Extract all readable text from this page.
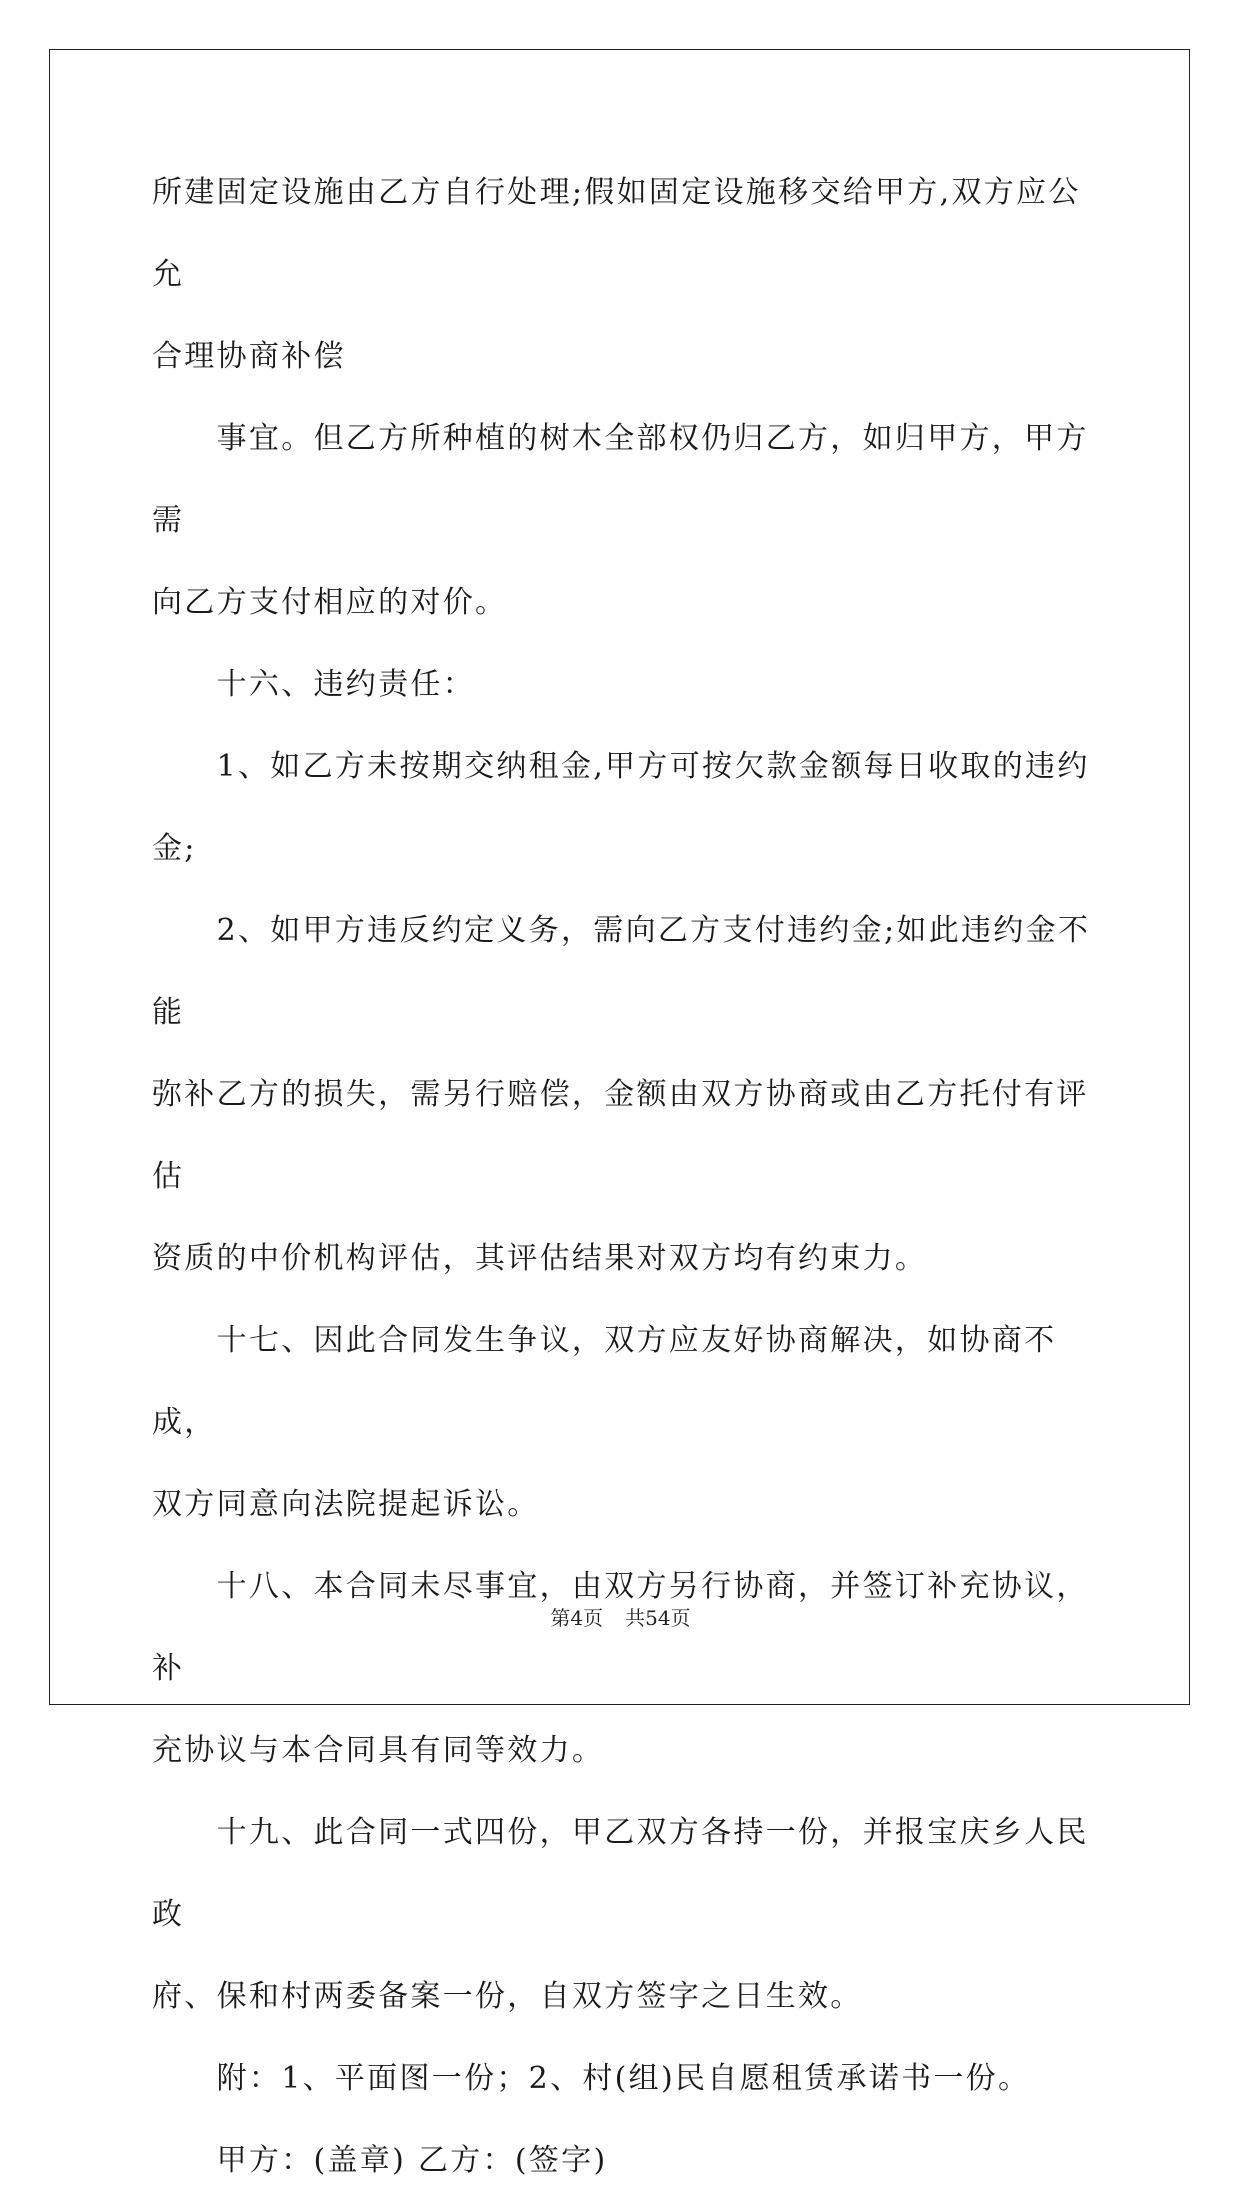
所建固定设施由乙方自行处理;假如固定设施移交给甲方,双方应公允

合理协商补偿

　　事宜。但乙方所种植的树木全部权仍归乙方，如归甲方，甲方需

向乙方支付相应的对价。

　　十六、违约责任：

　　1、如乙方未按期交纳租金,甲方可按欠款金额每日收取的违约金;

　　2、如甲方违反约定义务，需向乙方支付违约金;如此违约金不能

弥补乙方的损失，需另行赔偿，金额由双方协商或由乙方托付有评估

资质的中价机构评估，其评估结果对双方均有约束力。

　　十七、因此合同发生争议，双方应友好协商解决，如协商不成，

双方同意向法院提起诉讼。

　　十八、本合同未尽事宜，由双方另行协商，并签订补充协议，补

充协议与本合同具有同等效力。

　　十九、此合同一式四份，甲乙双方各持一份，并报宝庆乡人民政

府、保和村两委备案一份，自双方签字之日生效。

　　附：1、平面图一份；2、村(组)民自愿租赁承诺书一份。

　　甲方：(盖章) 乙方：(签字)

第4页 共54页
